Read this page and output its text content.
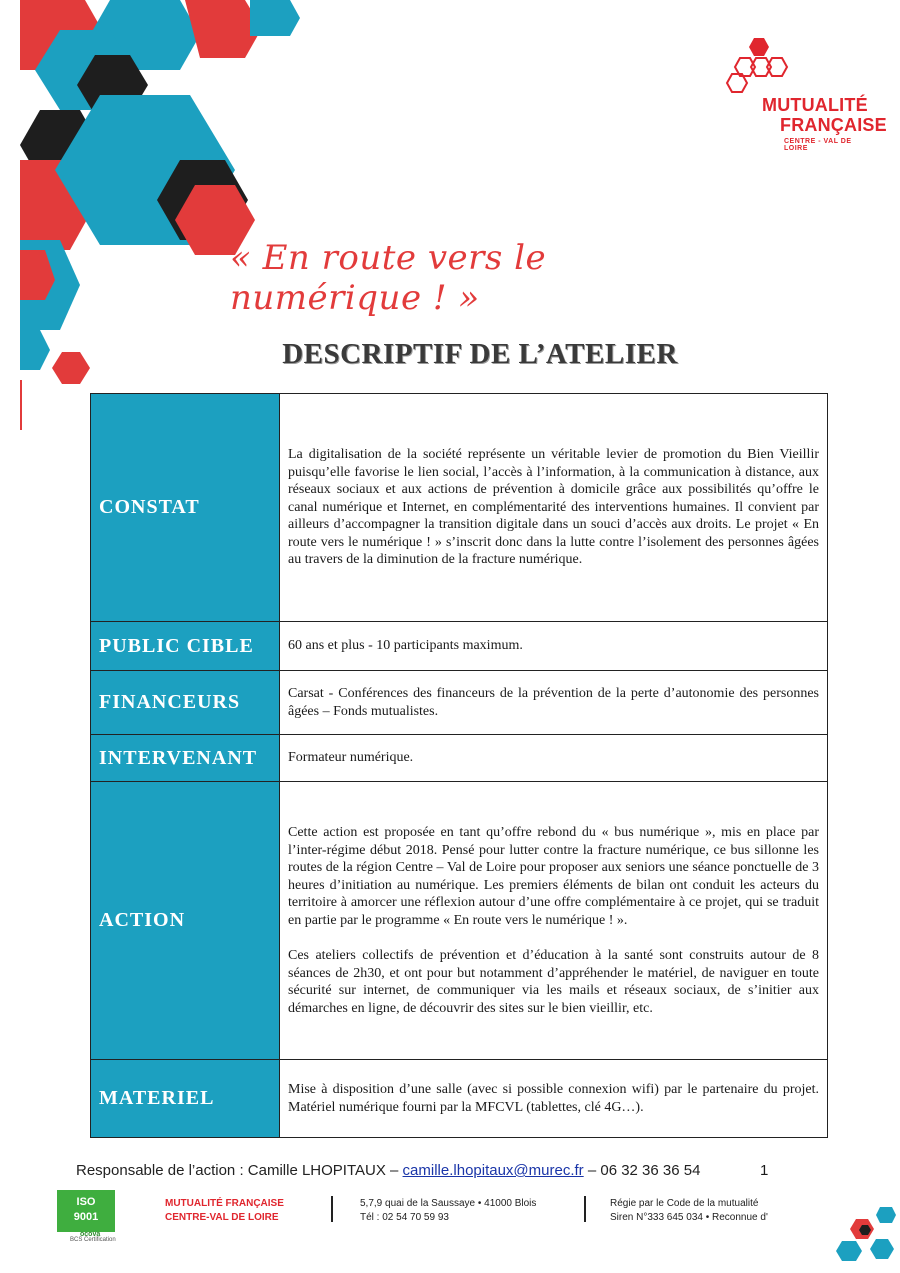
MUTUALITÉ
FRANÇAISE
CENTRE - VAL DE LOIRE
« En route vers le numérique ! »
DESCRIPTIF DE L’ATELIER
CONSTAT	La digitalisation de la société représente un véritable levier de promotion du Bien Vieillir puisqu’elle favorise le lien social, l’accès à l’information, à la communication à distance, aux réseaux sociaux et aux actions de prévention à domicile grâce aux possibilités qu’offre le canal numérique et Internet, en complémentarité des interventions humaines. Il convient par ailleurs d’accompagner la transition digitale dans un souci d’accès aux droits. Le projet « En route vers le numérique ! » s’inscrit donc dans la lutte contre l’isolement des personnes âgées au travers de la diminution de la fracture numérique.

PUBLIC CIBLE	60 ans et plus - 10 participants maximum.

FINANCEURS	Carsat - Conférences des financeurs de la prévention de la perte d’autonomie des personnes âgées – Fonds mutualistes.

INTERVENANT	Formateur numérique.

ACTION	Cette action est proposée en tant qu’offre rebond du « bus numérique », mis en place par l’inter-régime début 2018. Pensé pour lutter contre la fracture numérique, ce bus sillonne les routes de la région Centre – Val de Loire pour proposer aux seniors une séance ponctuelle de 3 heures d’initiation au numérique. Les premiers éléments de bilan ont conduit les acteurs du territoire à amorcer une réflexion autour d’une offre complémentaire à ce projet, qui se traduit en partie par le programme « En route vers le numérique ! ».

Ces ateliers collectifs de prévention et d’éducation à la santé sont construits autour de 8 séances de 2h30, et ont pour but notamment d’appréhender le matériel, de naviguer en toute sécurité sur internet, de communiquer via les mails et réseaux sociaux, de s’initier aux démarches en ligne, de découvrir des sites sur le bien vieillir, etc.

MATERIEL	Mise à disposition d’une salle (avec si possible connexion wifi) par le partenaire du projet. Matériel numérique fourni par la MFCVL (tablettes, clé 4G…).

Responsable de l’action : Camille LHOPITAUX – camille.lhopitaux@murec.fr – 06 32 36 36 54	1
ISO
9001
ocova
BCS Certification
MUTUALITÉ FRANÇAISE
CENTRE-VAL DE LOIRE
5,7,9 quai de la Saussaye • 41000 Blois
Tél : 02 54 70 59 93
Régie par le Code de la mutualité
Siren N°333 645 034 • Reconnue d'
